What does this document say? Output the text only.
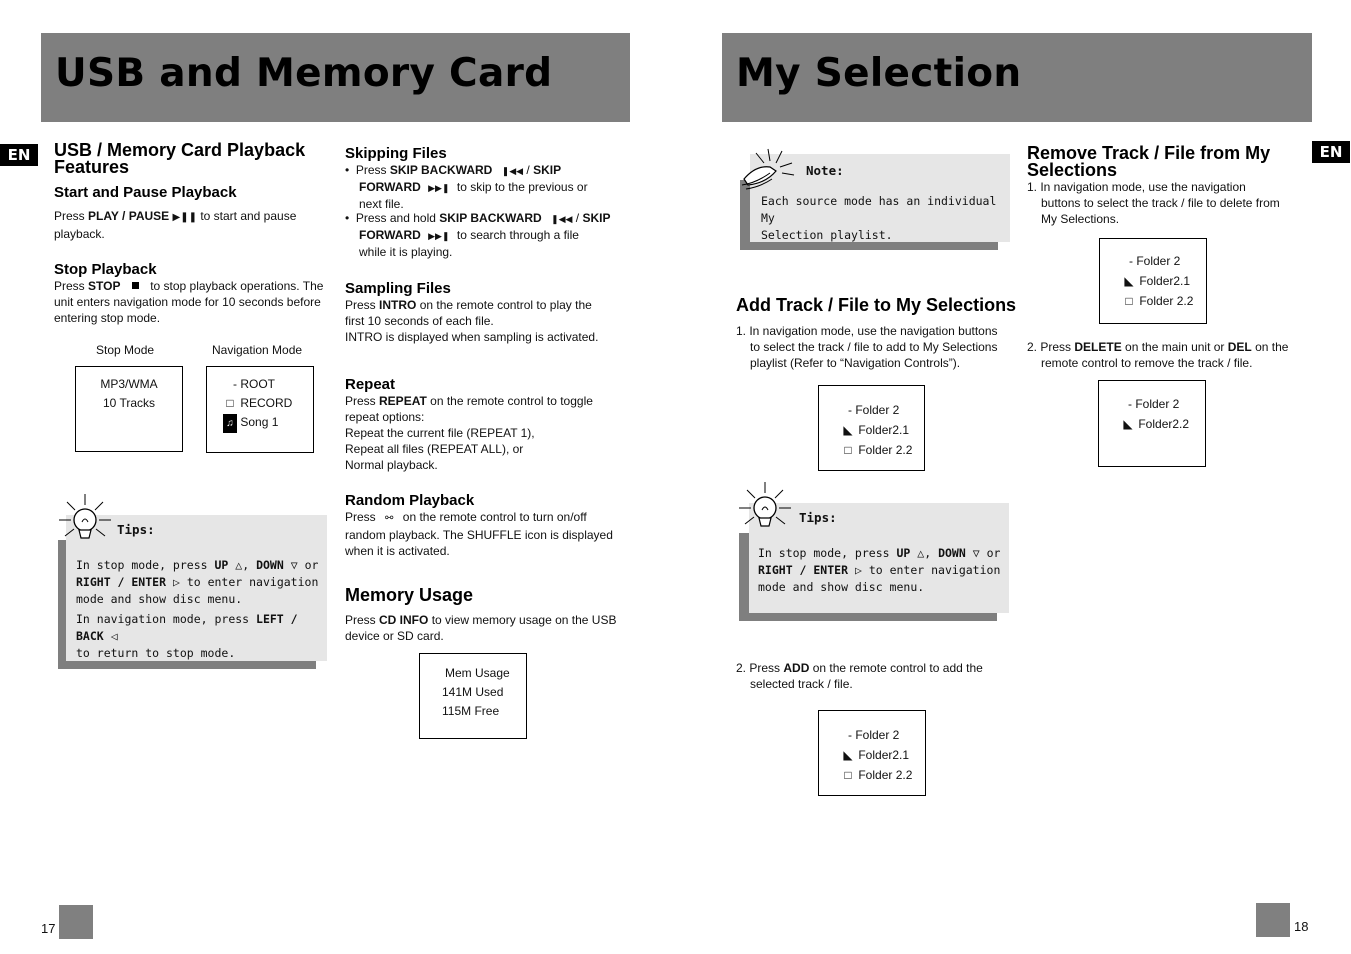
USB and Memory Card
EN	USB / Memory Card Playback Features
Start and Pause Playback
Press PLAY / PAUSE ▶❚❚ to start and pause playback.
Stop Playback
Press STOP to stop playback operations. The unit enters navigation mode for 10 seconds before entering stop mode.
Stop Mode	Navigation Mode
MP3/WMA
10 Tracks
- ROOT
□ RECORD
♫ Song 1
Tips:
In stop mode, press UP △, DOWN ▽ or
RIGHT / ENTER ▷ to enter navigation
mode and show disc menu.
In navigation mode, press LEFT / BACK ◁
to return to stop mode.
Skipping Files
•  Press SKIP BACKWARD ❚◀◀ / SKIP
FORWARD ▶▶❚ to skip to the previous or
next file.
•  Press and hold SKIP BACKWARD ❚◀◀ / SKIP
FORWARD ▶▶❚ to search through a file
while it is playing.
Sampling Files
Press INTRO on the remote control to play the
first 10 seconds of each file.
INTRO is displayed when sampling is activated.
Repeat
Press REPEAT on the remote control to toggle
repeat options:
Repeat the current file (REPEAT 1),
Repeat all files (REPEAT ALL), or
Normal playback.
Random Playback
Press ⚯ on the remote control to turn on/off
random playback. The SHUFFLE icon is displayed
when it is activated.
Memory Usage
Press CD INFO to view memory usage on the USB
device or SD card.
Mem Usage
141M Used
115M Free
17
My Selection
EN
Note:
Each source mode has an individual My
Selection playlist.
Add Track / File to My Selections
1. In navigation mode, use the navigation buttons
to select the track / file to add to My Selections
playlist (Refer to “Navigation Controls”).
- Folder 2
◣ Folder2.1
□ Folder 2.2
Tips:
In stop mode, press UP △, DOWN ▽ or
RIGHT / ENTER ▷ to enter navigation
mode and show disc menu.
2. Press ADD on the remote control to add the
selected track / file.
- Folder 2
◣ Folder2.1
□ Folder 2.2
Remove Track / File from My
Selections
1. In navigation mode, use the navigation
buttons to select the track / file to delete from
My Selections.
- Folder 2
◣ Folder2.1
□ Folder 2.2
2. Press DELETE on the main unit or DEL on the
remote control to remove the track / file.
- Folder 2
◣ Folder2.2
18
